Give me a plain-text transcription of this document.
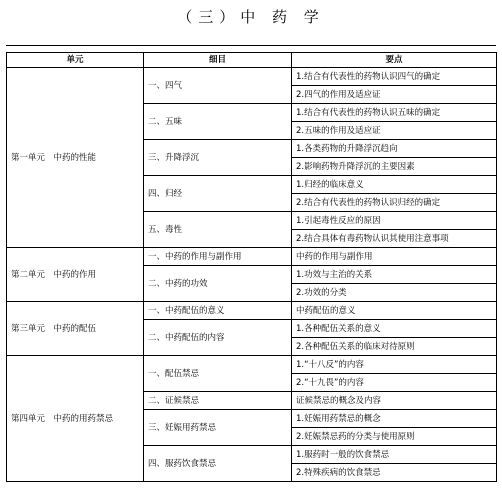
（三）中 药 学
单元	细目	要点
第一单元　中药的性能	一、四气	1.结合有代表性的药物认识四气的确定
		2.四气的作用及适应证
	二、五味	1.结合有代表性的药物认识五味的确定
		2.五味的作用及适应证
	三、升降浮沉	1.各类药物的升降浮沉趋向
		2.影响药物升降浮沉的主要因素
	四、归经	1.归经的临床意义
		2.结合有代表性的药物认识归经的确定
	五、毒性	1.引起毒性反应的原因
		2.结合具体有毒药物认识其使用注意事项
第二单元　中药的作用	一、中药的作用与副作用	中药的作用与副作用
	二、中药的功效	1.功效与主治的关系
		2.功效的分类
第三单元　中药的配伍	一、中药配伍的意义	中药配伍的意义
	二、中药配伍的内容	1.各种配伍关系的意义
		2.各种配伍关系的临床对待原则
第四单元　中药的用药禁忌	一、配伍禁忌	1.“十八反”的内容
		2.“十九畏”的内容
	二、证候禁忌	证候禁忌的概念及内容
	三、妊娠用药禁忌	1.妊娠用药禁忌的概念
		2.妊娠禁忌药的分类与使用原则
	四、服药饮食禁忌	1.服药时一般的饮食禁忌
		2.特殊疾病的饮食禁忌
